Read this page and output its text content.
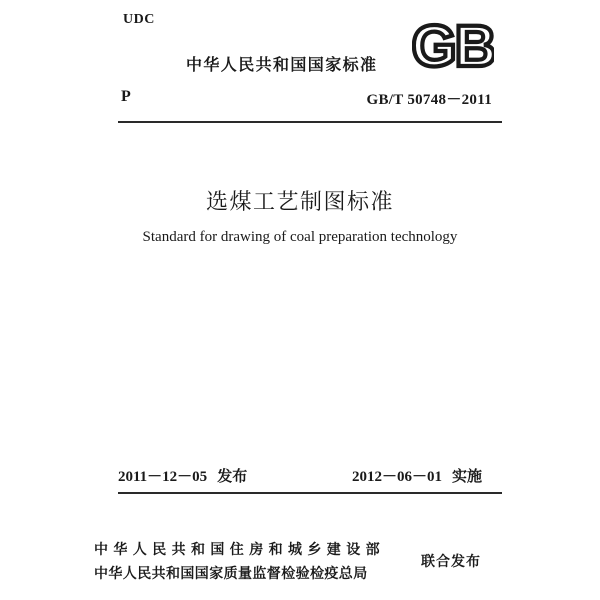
UDC
中华人民共和国国家标准 GB
P	GB/T 50748－2011
选煤工艺制图标准
Standard for drawing of coal preparation technology
2011－12－05 发布	2012－06－01 实施
中华人民共和国住房和城乡建设部
中华人民共和国国家质量监督检验检疫总局
联合发布
